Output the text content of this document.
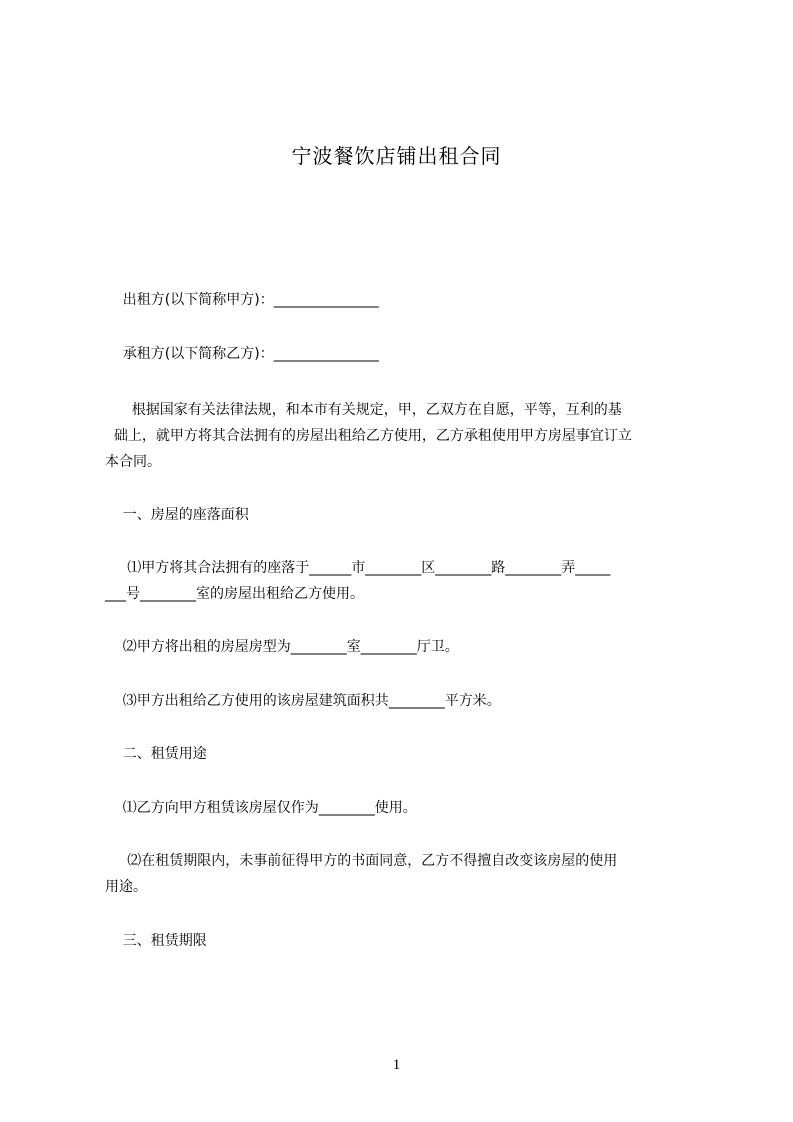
宁波餐饮店铺出租合同
出租方(以下简称甲方)：_______________
承租方(以下简称乙方)：_______________
根据国家有关法律法规，和本市有关规定，甲，乙双方在自愿，平等，互利的基
础上，就甲方将其合法拥有的房屋出租给乙方使用，乙方承租使用甲方房屋事宜订立
本合同。
一、房屋的座落面积
⑴甲方将其合法拥有的座落于______市________区________路________弄_____
___号________室的房屋出租给乙方使用。
⑵甲方将出租的房屋房型为________室________厅卫。
⑶甲方出租给乙方使用的该房屋建筑面积共________平方米。
二、租赁用途
⑴乙方向甲方租赁该房屋仅作为________使用。
⑵在租赁期限内，未事前征得甲方的书面同意，乙方不得擅自改变该房屋的使用
用途。
三、租赁期限
1
